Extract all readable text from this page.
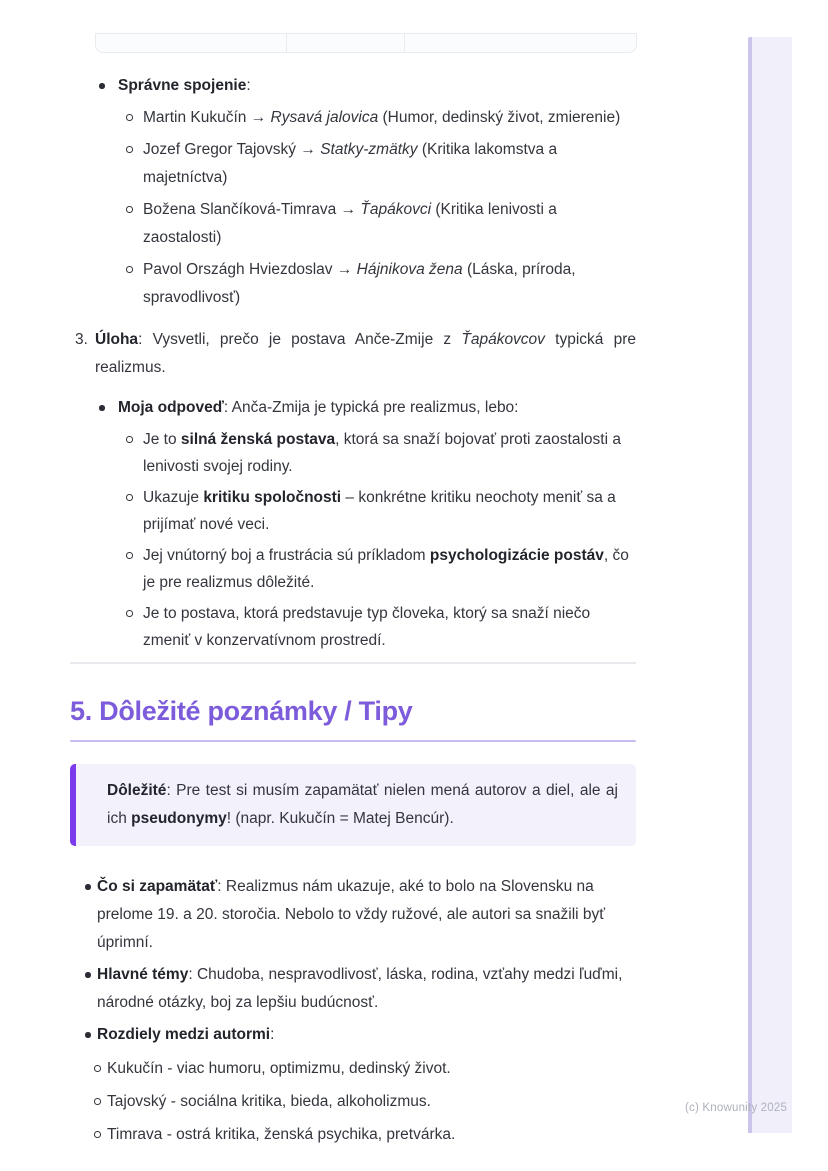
Správne spojenie:
Martin Kukučín → Rysavá jalovica (Humor, dedinský život, zmierenie)
Jozef Gregor Tajovský → Statky-zmätky (Kritika lakomstva a majetníctva)
Božena Slančíková-Timrava → Ťapákovci (Kritika lenivosti a zaostalosti)
Pavol Országh Hviezdoslav → Hájnikova žena (Láska, príroda, spravodlivosť)
3. Úloha: Vysvetli, prečo je postava Anče-Zmije z Ťapákovcov typická pre realizmus.
Moja odpoveď: Anča-Zmija je typická pre realizmus, lebo:
Je to silná ženská postava, ktorá sa snaží bojovať proti zaostalosti a lenivosti svojej rodiny.
Ukazuje kritiku spoločnosti – konkrétne kritiku neochoty meniť sa a prijímať nové veci.
Jej vnútorný boj a frustrácia sú príkladom psychologizácie postáv, čo je pre realizmus dôležité.
Je to postava, ktorá predstavuje typ človeka, ktorý sa snaží niečo zmeniť v konzervatívnom prostredí.
5. Dôležité poznámky / Tipy
Dôležité: Pre test si musím zapamätať nielen mená autorov a diel, ale aj ich pseudonymy! (napr. Kukučín = Matej Bencúr).
Čo si zapamätať: Realizmus nám ukazuje, aké to bolo na Slovensku na prelome 19. a 20. storočia. Nebolo to vždy ružové, ale autori sa snažili byť úprimní.
Hlavné témy: Chudoba, nespravodlivosť, láska, rodina, vzťahy medzi ľuďmi, národné otázky, boj za lepšiu budúcnosť.
Rozdiely medzi autormi:
Kukučín - viac humoru, optimizmu, dedinský život.
Tajovský - sociálna kritika, bieda, alkoholizmus.
Timrava - ostrá kritika, ženská psychika, pretvárka.
(c) Knowunity 2025
